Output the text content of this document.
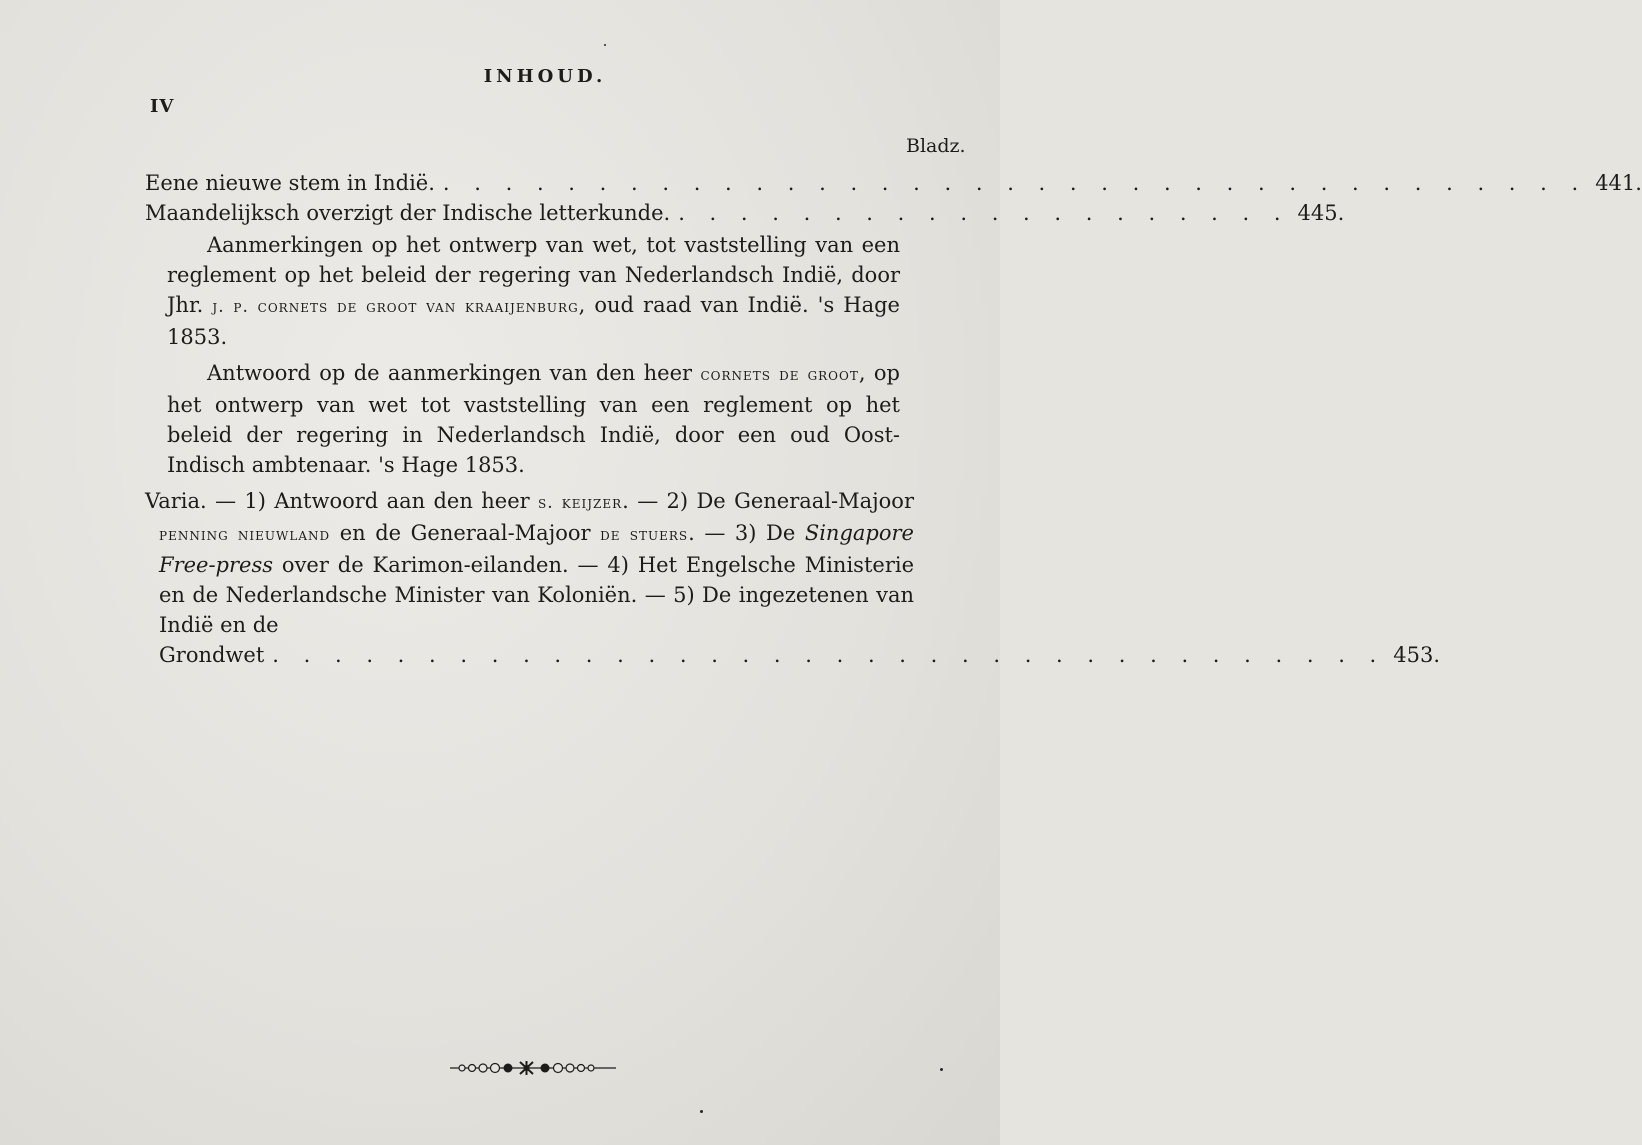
INHOUD.
IV
Bladz.
Eene nieuwe stem in Indië. . . . . . . . . . . . . . . . . . . . . . . . . . . . . . . . . . . . . . 441.
Maandelijksch overzigt der Indische letterkunde. . . . . . . . . . . . . . . . . . . . . 445.
Aanmerkingen op het ontwerp van wet, tot vaststelling van een reglement op het beleid der regering van Nederlandsch Indië, door Jhr. j. p. cornets de groot van kraaijenburg, oud raad van Indië. 's Hage 1853.
Antwoord op de aanmerkingen van den heer cornets de groot, op het ontwerp van wet tot vaststelling van een reglement op het beleid der regering in Nederlandsch Indië, door een oud Oost-Indisch ambtenaar. 's Hage 1853.
Varia. — 1) Antwoord aan den heer s. keijzer. — 2) De Generaal-Majoor penning nieuwland en de Generaal-Majoor de stuers. — 3) De Singapore Free-press over de Karimon-eilanden. — 4) Het Engelsche Ministerie en de Nederlandsche Minister van Koloniën. — 5) De ingezetenen van Indië en de
Grondwet . . . . . . . . . . . . . . . . . . . . . . . . . . . . . . . . . . . . 453.
